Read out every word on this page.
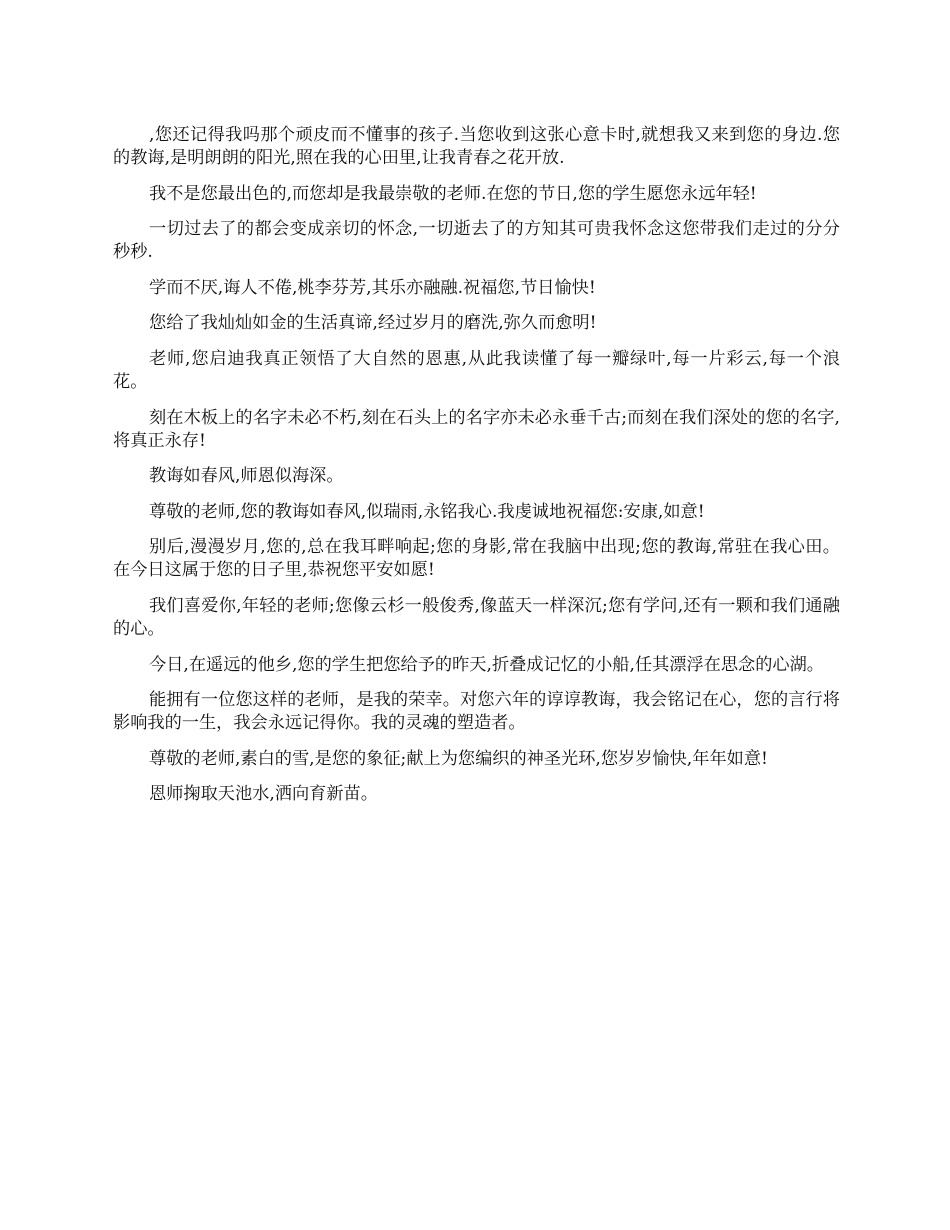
,您还记得我吗那个顽皮而不懂事的孩子.当您收到这张心意卡时,就想我又来到您的身边.您的教诲,是明朗朗的阳光,照在我的心田里,让我青春之花开放.

我不是您最出色的,而您却是我最崇敬的老师.在您的节日,您的学生愿您永远年轻!

一切过去了的都会变成亲切的怀念,一切逝去了的方知其可贵我怀念这您带我们走过的分分秒秒.

学而不厌,诲人不倦,桃李芬芳,其乐亦融融.祝福您,节日愉快!

您给了我灿灿如金的生活真谛,经过岁月的磨洗,弥久而愈明!

老师,您启迪我真正领悟了大自然的恩惠,从此我读懂了每一瓣绿叶,每一片彩云,每一个浪花。

刻在木板上的名字未必不朽,刻在石头上的名字亦未必永垂千古;而刻在我们深处的您的名字,将真正永存!

教诲如春风,师恩似海深。

尊敬的老师,您的教诲如春风,似瑞雨,永铭我心.我虔诚地祝福您:安康,如意!

别后,漫漫岁月,您的,总在我耳畔响起;您的身影,常在我脑中出现;您的教诲,常驻在我心田。在今日这属于您的日子里,恭祝您平安如愿!

我们喜爱你,年轻的老师;您像云杉一般俊秀,像蓝天一样深沉;您有学问,还有一颗和我们通融的心。

今日,在遥远的他乡,您的学生把您给予的昨天,折叠成记忆的小船,任其漂浮在思念的心湖。

能拥有一位您这样的老师，是我的荣幸。对您六年的谆谆教诲，我会铭记在心，您的言行将影响我的一生，我会永远记得你。我的灵魂的塑造者。

尊敬的老师,素白的雪,是您的象征;献上为您编织的神圣光环,您岁岁愉快,年年如意!

恩师掬取天池水,洒向育新苗。
